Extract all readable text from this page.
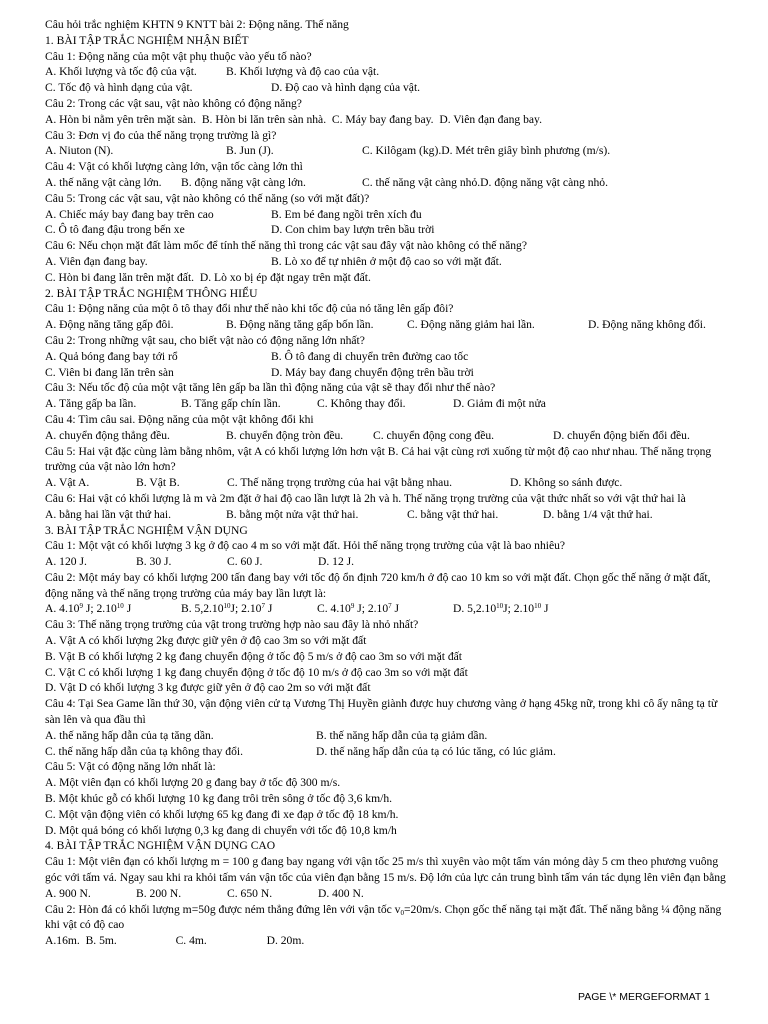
Câu hỏi trắc nghiệm KHTN 9 KNTT bài 2: Động năng. Thế năng
1. BÀI TẬP TRẮC NGHIỆM NHẬN BIẾT
Câu 1: Động năng của một vật phụ thuộc vào yếu tố nào?
A. Khối lượng và tốc độ của vật.	B. Khối lượng và độ cao của vật.
C. Tốc độ và hình dạng của vật.	D. Độ cao và hình dạng của vật.
Câu 2: Trong các vật sau, vật nào không có động năng?
A. Hòn bi nằm yên trên mặt sàn. B. Hòn bi lăn trên sàn nhà. C. Máy bay đang bay. D. Viên đạn đang bay.
Câu 3: Đơn vị đo của thế năng trọng trường là gì?
A. Niuton (N).	B. Jun (J).	C. Kilôgam (kg).D. Mét trên giây bình phương (m/s).
Câu 4: Vật có khối lượng càng lớn, vận tốc càng lớn thì
A. thế năng vật càng lớn. B. động năng vật càng lớn.	C. thế năng vật càng nhỏ.D. động năng vật càng nhỏ.
Câu 5: Trong các vật sau, vật nào không có thế năng (so với mặt đất)?
A. Chiếc máy bay đang bay trên cao	B. Em bé đang ngồi trên xích đu
C. Ô tô đang đậu trong bến xe	D. Con chim bay lượn trên bầu trời
Câu 6: Nếu chọn mặt đất làm mốc để tính thế năng thì trong các vật sau đây vật nào không có thế năng?
A. Viên đạn đang bay.	B. Lò xo để tự nhiên ở một độ cao so với mặt đất.
C. Hòn bi đang lăn trên mặt đất. D. Lò xo bị ép đặt ngay trên mặt đất.
2. BÀI TẬP TRẮC NGHIỆM THÔNG HIỂU
Câu 1: Động năng của một ô tô thay đổi như thế nào khi tốc độ của nó tăng lên gấp đôi?
A. Động năng tăng gấp đôi.	B. Động năng tăng gấp bốn lần.	C. Động năng giảm hai lần.	D. Động năng không đổi.
Câu 2: Trong những vật sau, cho biết vật nào có động năng lớn nhất?
A. Quả bóng đang bay tới rổ	B. Ô tô đang di chuyển trên đường cao tốc
C. Viên bi đang lăn trên sàn	D. Máy bay đang chuyển động trên bầu trời
Câu 3: Nếu tốc độ của một vật tăng lên gấp ba lần thì động năng của vật sẽ thay đổi như thế nào?
A. Tăng gấp ba lần.	B. Tăng gấp chín lần.	C. Không thay đổi.	D. Giảm đi một nửa
Câu 4: Tìm câu sai. Động năng của một vật không đổi khi
A. chuyển động thẳng đều.	B. chuyển động tròn đều.	C. chuyển động cong đều.	D. chuyển động biến đổi đều.
Câu 5: Hai vật đặc cùng làm bằng nhôm, vật A có khối lượng lớn hơn vật B. Cả hai vật cùng rơi xuống từ một độ cao như nhau. Thế năng trọng trường của vật nào lớn hơn?
A. Vật A.	B. Vật B.	C. Thế năng trọng trường của hai vật bằng nhau.	D. Không so sánh được.
Câu 6: Hai vật có khối lượng là m và 2m đặt ở hai độ cao lần lượt là 2h và h. Thế năng trọng trường của vật thức nhất so với vật thứ hai là
A. bằng hai lần vật thứ hai.	B. bằng một nửa vật thứ hai.	C. bằng vật thứ hai.	D. bằng 1/4 vật thứ hai.
3. BÀI TẬP TRẮC NGHIỆM VẬN DỤNG
Câu 1: Một vật có khối lượng 3 kg ở độ cao 4 m so với mặt đất. Hỏi thế năng trọng trường của vật là bao nhiêu?
A. 120 J.	B. 30 J.	C. 60 J.	D. 12 J.
Câu 2: Một máy bay có khối lượng 200 tấn đang bay với tốc độ ổn định 720 km/h ở độ cao 10 km so với mặt đất. Chọn gốc thế năng ở mặt đất, động năng và thế năng trọng trường của máy bay lần lượt là:
A. 4.10$^9$ J; 2.10$^{10}$ J	B. 5,2.10$^{10}$J; 2.10$^7$ J	C. 4.10$^9$ J; 2.10$^7$ J	D. 5,2.10$^{10}$J; 2.10$^{10}$ J
Câu 3: Thế năng trọng trường của vật trong trường hợp nào sau đây là nhỏ nhất?
A. Vật A có khối lượng 2kg được giữ yên ở độ cao 3m so với mặt đất
B. Vật B có khối lượng 2 kg đang chuyển động ở tốc độ 5 m/s ở độ cao 3m so với mặt đất
C. Vật C có khối lượng 1 kg đang chuyển động ở tốc độ 10 m/s ở độ cao 3m so với mặt đất
D. Vật D có khối lượng 3 kg được giữ yên ở độ cao 2m so với mặt đất
Câu 4: Tại Sea Game lần thứ 30, vận động viên cử tạ Vương Thị Huyền giành được huy chương vàng ở hạng 45kg nữ, trong khi cô ấy nâng tạ từ sàn lên và qua đầu thì
A. thế năng hấp dẫn của tạ tăng dần.	B. thế năng hấp dẫn của tạ giảm dần.
C. thế năng hấp dẫn của tạ không thay đổi.	D. thế năng hấp dẫn của tạ có lúc tăng, có lúc giảm.
Câu 5: Vật có động năng lớn nhất là:
A. Một viên đạn có khối lượng 20 g đang bay ở tốc độ 300 m/s.
B. Một khúc gỗ có khối lượng 10 kg đang trôi trên sông ở tốc độ 3,6 km/h.
C. Một vận động viên có khối lượng 65 kg đang đi xe đạp ở tốc độ 18 km/h.
D. Một quả bóng có khối lượng 0,3 kg đang di chuyển với tốc độ 10,8 km/h
4. BÀI TẬP TRẮC NGHIỆM VẬN DỤNG CAO
Câu 1: Một viên đạn có khối lượng m = 100 g đang bay ngang với vận tốc 25 m/s thì xuyên vào một tấm ván mỏng dày 5 cm theo phương vuông góc với tấm vá. Ngay sau khi ra khỏi tấm ván vận tốc của viên đạn bằng 15 m/s. Độ lớn của lực cản trung bình tấm ván tác dụng lên viên đạn bằng
A. 900 N.	B. 200 N.	C. 650 N.	D. 400 N.
Câu 2: Hòn đá có khối lượng m=50g được ném thẳng đứng lên với vận tốc $v_0=20m/s$. Chọn gốc thế năng tại mặt đất. Thế năng bằng ¼ động năng khi vật có độ cao
A.16m. B. 5m.	C. 4m.	D. 20m.
PAGE \* MERGEFORMAT 1
